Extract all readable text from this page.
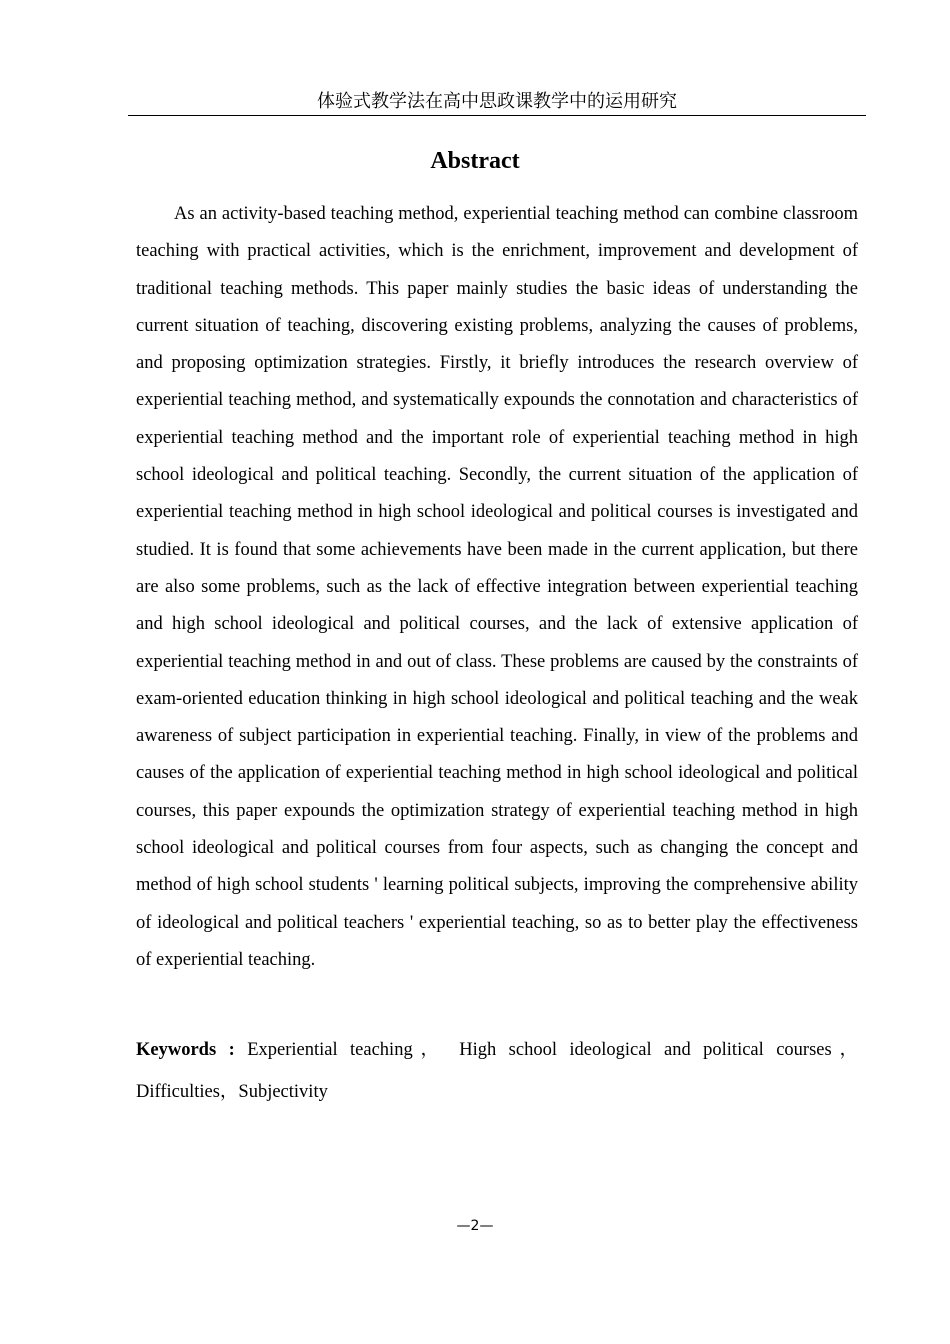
体验式教学法在高中思政课教学中的运用研究
Abstract

As an activity-based teaching method, experiential teaching method can combine classroom teaching with practical activities, which is the enrichment, improvement and development of traditional teaching methods. This paper mainly studies the basic ideas of understanding the current situation of teaching, discovering existing problems, analyzing the causes of problems, and proposing optimization strategies. Firstly, it briefly introduces the research overview of experiential teaching method, and systematically expounds the connotation and characteristics of experiential teaching method and the important role of experiential teaching method in high school ideological and political teaching. Secondly, the current situation of the application of experiential teaching method in high school ideological and political courses is investigated and studied. It is found that some achievements have been made in the current application, but there are also some problems, such as the lack of effective integration between experiential teaching and high school ideological and political courses, and the lack of extensive application of experiential teaching method in and out of class. These problems are caused by the constraints of exam-oriented education thinking in high school ideological and political teaching and the weak awareness of subject participation in experiential teaching. Finally, in view of the problems and causes of the application of experiential teaching method in high school ideological and political courses, this paper expounds the optimization strategy of experiential teaching method in high school ideological and political courses from four aspects, such as changing the concept and method of high school students ' learning political subjects, improving the comprehensive ability of ideological and political teachers ' experiential teaching, so as to better play the effectiveness of experiential teaching.

Keywords : Experiential teaching， High school ideological and political courses，Difficulties，Subjectivity

—2—
